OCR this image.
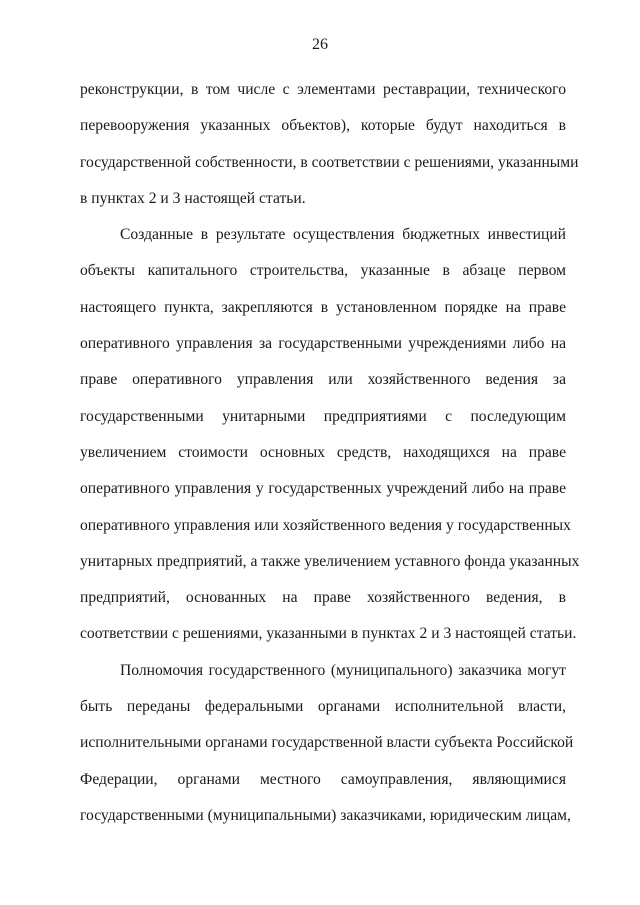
26
реконструкции, в том числе с элементами реставрации, технического
перевооружения указанных объектов), которые будут находиться в
государственной собственности, в соответствии с решениями, указанными
в пунктах 2 и 3 настоящей статьи.
Созданные в результате осуществления бюджетных инвестиций
объекты капитального строительства, указанные в абзаце первом
настоящего пункта, закрепляются в установленном порядке на праве
оперативного управления за государственными учреждениями либо на
праве оперативного управления или хозяйственного ведения за
государственными унитарными предприятиями с последующим
увеличением стоимости основных средств, находящихся на праве
оперативного управления у государственных учреждений либо на праве
оперативного управления или хозяйственного ведения у государственных
унитарных предприятий, а также увеличением уставного фонда указанных
предприятий, основанных на праве хозяйственного ведения, в
соответствии с решениями, указанными в пунктах 2 и 3 настоящей статьи.
Полномочия государственного (муниципального) заказчика могут
быть переданы федеральными органами исполнительной власти,
исполнительными органами государственной власти субъекта Российской
Федерации, органами местного самоуправления, являющимися
государственными (муниципальными) заказчиками, юридическим лицам,
